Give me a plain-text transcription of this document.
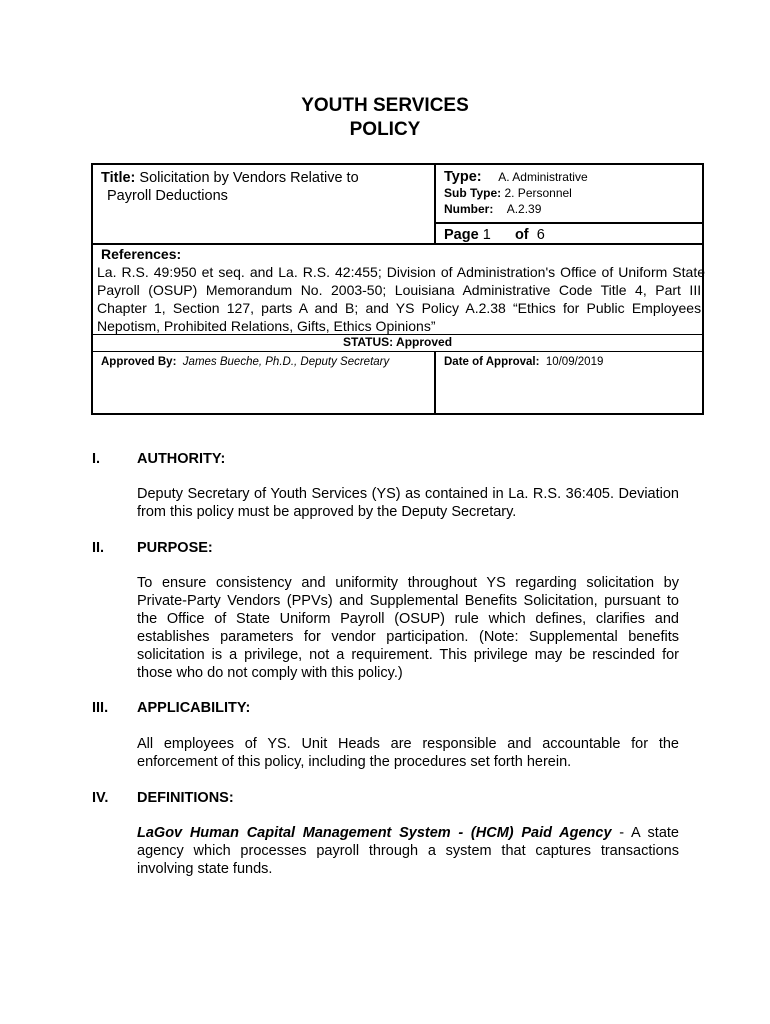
YOUTH SERVICES
POLICY
Title: Solicitation by Vendors Relative to
Payroll Deductions
Type: A. Administrative
Sub Type: 2. Personnel
Number: A.2.39
Page 1 of 6
References:
La. R.S. 49:950 et seq. and La. R.S. 42:455; Division of Administration's Office of Uniform State Payroll (OSUP) Memorandum No. 2003-50; Louisiana Administrative Code Title 4, Part III, Chapter 1, Section 127, parts A and B; and YS Policy A.2.38 “Ethics for Public Employees: Nepotism, Prohibited Relations, Gifts, Ethics Opinions”
STATUS: Approved
Approved By: James Bueche, Ph.D., Deputy Secretary	Date of Approval: 10/09/2019
I.	AUTHORITY:
Deputy Secretary of Youth Services (YS) as contained in La. R.S. 36:405. Deviation from this policy must be approved by the Deputy Secretary.
II. PURPOSE:
To ensure consistency and uniformity throughout YS regarding solicitation by Private-Party Vendors (PPVs) and Supplemental Benefits Solicitation, pursuant to the Office of State Uniform Payroll (OSUP) rule which defines, clarifies and establishes parameters for vendor participation. (Note: Supplemental benefits solicitation is a privilege, not a requirement. This privilege may be rescinded for those who do not comply with this policy.)
III. APPLICABILITY:
All employees of YS. Unit Heads are responsible and accountable for the enforcement of this policy, including the procedures set forth herein.
IV. DEFINITIONS:
LaGov Human Capital Management System - (HCM) Paid Agency - A state agency which processes payroll through a system that captures transactions involving state funds.
